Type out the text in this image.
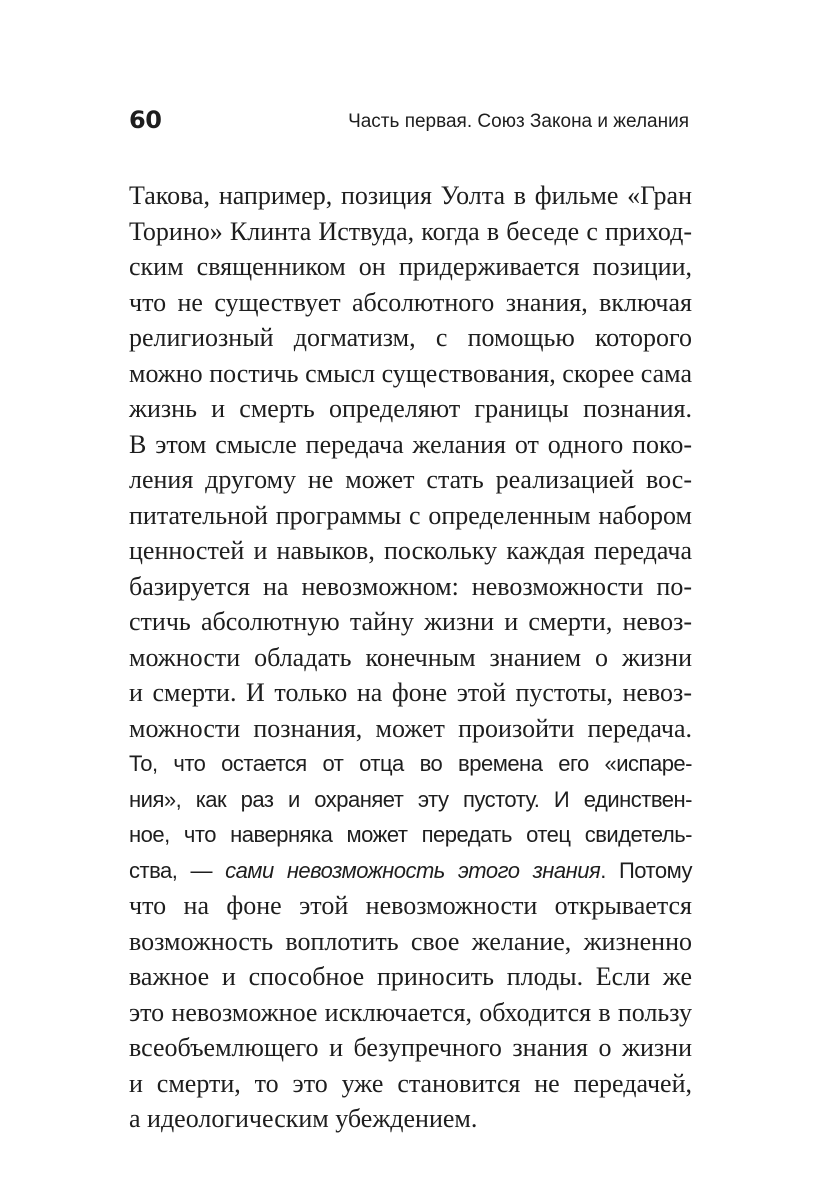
60	Часть первая. Союз Закона и желания
Такова, например, позиция Уолта в фильме «Гран
Торино» Клинта Иствуда, когда в беседе с приход-
ским священником он придерживается позиции,
что не существует абсолютного знания, включая
религиозный догматизм, с помощью которого
можно постичь смысл существования, скорее сама
жизнь и смерть определяют границы познания.
В этом смысле передача желания от одного поко-
ления другому не может стать реализацией вос-
питательной программы с определенным набором
ценностей и навыков, поскольку каждая передача
базируется на невозможном: невозможности по-
стичь абсолютную тайну жизни и смерти, невоз-
можности обладать конечным знанием о жизни
и смерти. И только на фоне этой пустоты, невоз-
можности познания, может произойти передача.
То, что остается от отца во времена его «испаре-
ния», как раз и охраняет эту пустоту. И единствен-
ное, что наверняка может передать отец свидетель-
ства, — сами невозможность этого знания. Потому
что на фоне этой невозможности открывается
возможность воплотить свое желание, жизненно
важное и способное приносить плоды. Если же
это невозможное исключается, обходится в пользу
всеобъемлющего и безупречного знания о жизни
и смерти, то это уже становится не передачей,
а идеологическим убеждением.
